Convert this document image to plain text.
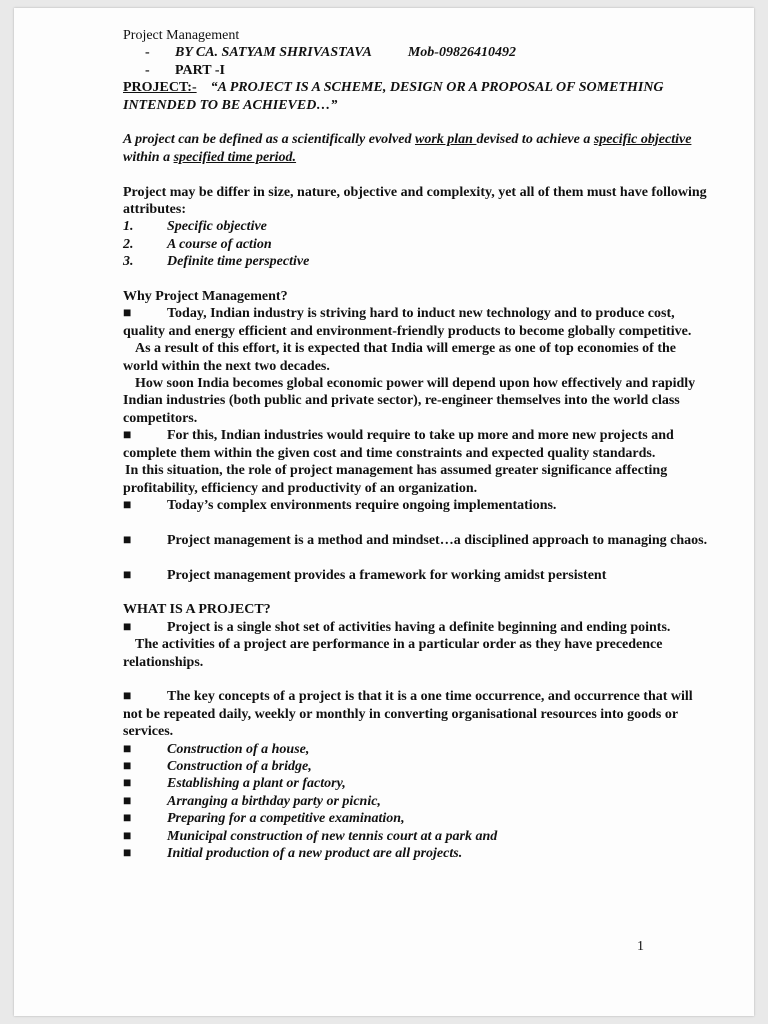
Project Management

- BY CA. SATYAM SHRIVASTAVA	Mob-09826410492

- PART -I

PROJECT:- “A PROJECT IS A SCHEME, DESIGN OR A PROPOSAL OF SOMETHING INTENDED TO BE ACHIEVED…”

A project can be defined as a scientifically evolved work plan devised to achieve a specific objective within a specified time period.

Project may be differ in size, nature, objective and complexity, yet all of them must have following attributes:

1. Specific objective

2. A course of action

3. Definite time perspective

Why Project Management?

■	Today, Indian industry is striving hard to induct new technology and to produce cost, quality and energy efficient and environment-friendly products to become globally competitive.

As a result of this effort, it is expected that India will emerge as one of top economies of the world within the next two decades.

How soon India becomes global economic power will depend upon how effectively and rapidly Indian industries (both public and private sector), re-engineer themselves into the world class competitors.

■	For this, Indian industries would require to take up more and more new projects and complete them within the given cost and time constraints and expected quality standards.

In this situation, the role of project management has assumed greater significance affecting profitability, efficiency and productivity of an organization.

■	Today’s complex environments require ongoing implementations.

■	Project management is a method and mindset…a disciplined approach to managing chaos.

■	Project management provides a framework for working amidst persistent

WHAT IS A PROJECT?

■	Project is a single shot set of activities having a definite beginning and ending points.

The activities of a project are performance in a particular order as they have precedence relationships.

■	The key concepts of a project is that it is a one time occurrence, and occurrence that will not be repeated daily, weekly or monthly in converting organisational resources into goods or services.

■	Construction of a house,

■	Construction of a bridge,

■	Establishing a plant or factory,

■	Arranging a birthday party or picnic,

■	Preparing for a competitive examination,

■	Municipal construction of new tennis court at a park and

■	Initial production of a new product are all projects.

1
